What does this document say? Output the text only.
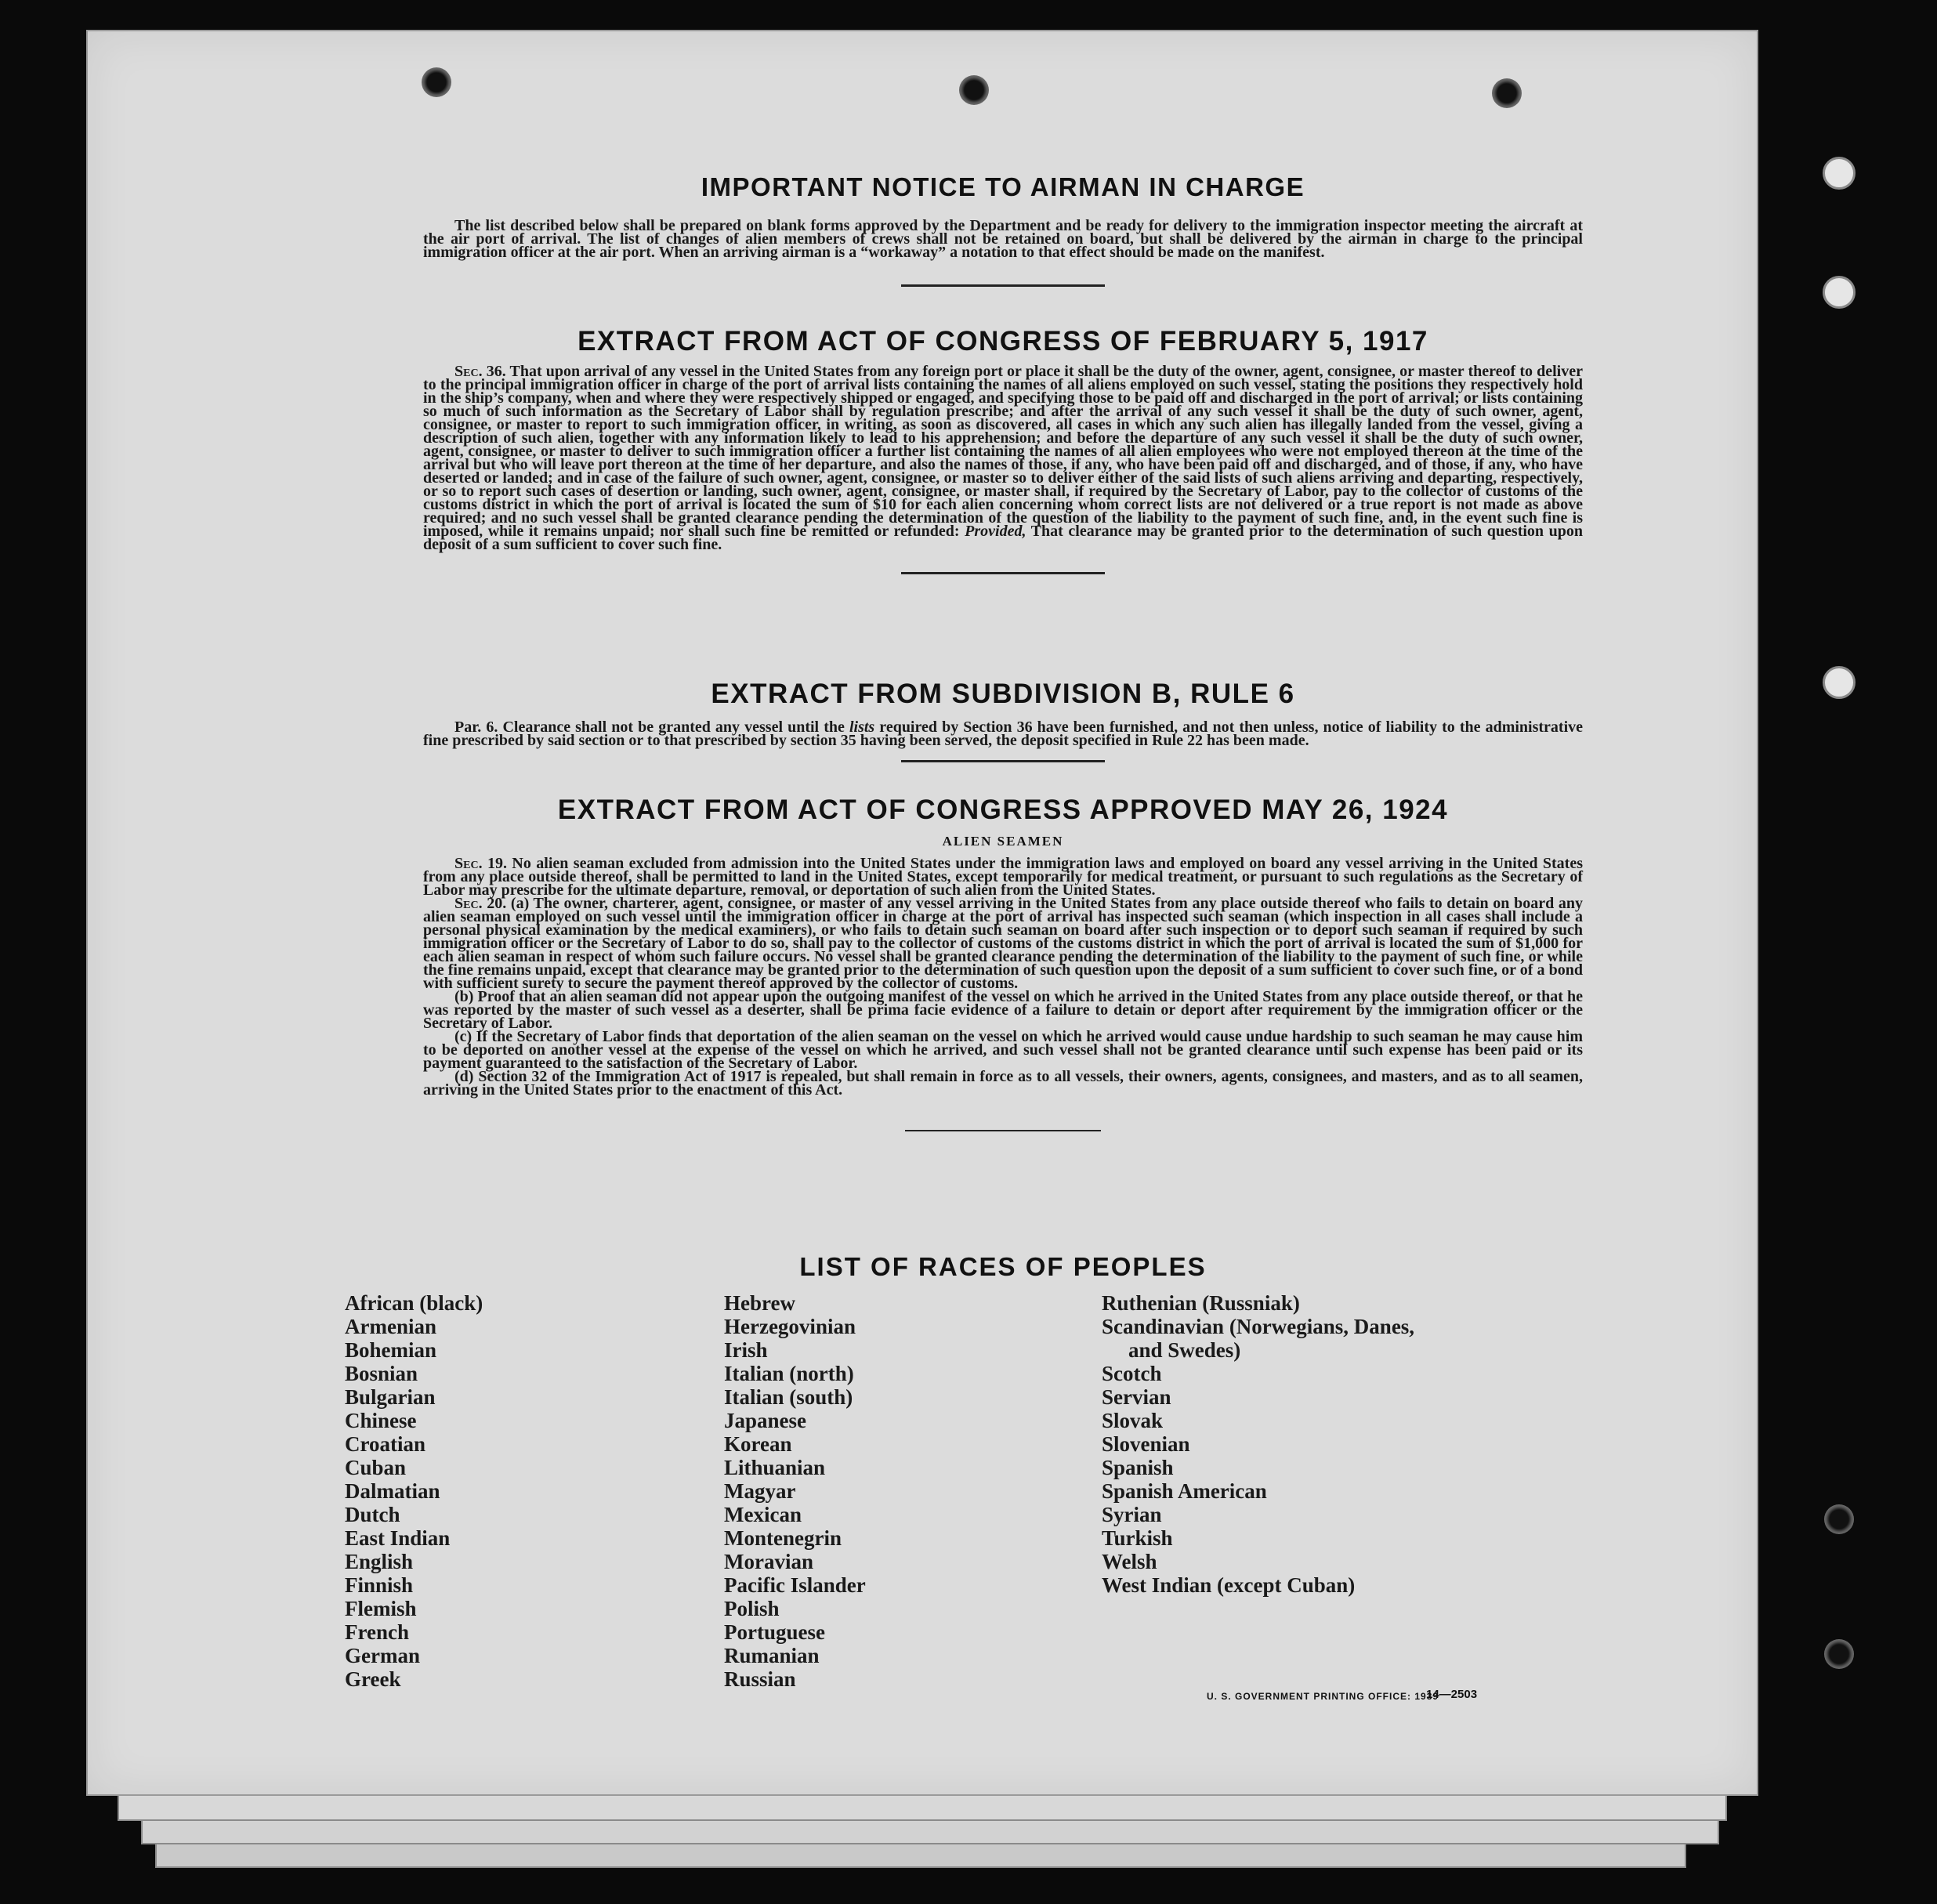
IMPORTANT NOTICE TO AIRMAN IN CHARGE

The list described below shall be prepared on blank forms approved by the Department and be ready for delivery to the immigration inspector meeting the aircraft at the air port of arrival. The list of changes of alien members of crews shall not be retained on board, but shall be delivered by the airman in charge to the principal immigration officer at the air port. When an arriving airman is a “workaway” a notation to that effect should be made on the manifest.

EXTRACT FROM ACT OF CONGRESS OF FEBRUARY 5, 1917

Sec. 36. That upon arrival of any vessel in the United States from any foreign port or place it shall be the duty of the owner, agent, consignee, or master thereof to deliver to the principal immigration officer in charge of the port of arrival lists containing the names of all aliens employed on such vessel, stating the positions they respectively hold in the ship’s company, when and where they were respectively shipped or engaged, and specifying those to be paid off and discharged in the port of arrival; or lists containing so much of such information as the Secretary of Labor shall by regulation prescribe; and after the arrival of any such vessel it shall be the duty of such owner, agent, consignee, or master to report to such immigration officer, in writing, as soon as discovered, all cases in which any such alien has illegally landed from the vessel, giving a description of such alien, together with any information likely to lead to his apprehension; and before the departure of any such vessel it shall be the duty of such owner, agent, consignee, or master to deliver to such immigration officer a further list containing the names of all alien employees who were not employed thereon at the time of the arrival but who will leave port thereon at the time of her departure, and also the names of those, if any, who have been paid off and discharged, and of those, if any, who have deserted or landed; and in case of the failure of such owner, agent, consignee, or master so to deliver either of the said lists of such aliens arriving and departing, respectively, or so to report such cases of desertion or landing, such owner, agent, consignee, or master shall, if required by the Secretary of Labor, pay to the collector of customs of the customs district in which the port of arrival is located the sum of $10 for each alien concerning whom correct lists are not delivered or a true report is not made as above required; and no such vessel shall be granted clearance pending the determination of the question of the liability to the payment of such fine, and, in the event such fine is imposed, while it remains unpaid; nor shall such fine be remitted or refunded: Provided, That clearance may be granted prior to the determination of such question upon deposit of a sum sufficient to cover such fine.

EXTRACT FROM SUBDIVISION B, RULE 6

Par. 6. Clearance shall not be granted any vessel until the lists required by Section 36 have been furnished, and not then unless, notice of liability to the administrative fine prescribed by said section or to that prescribed by section 35 having been served, the deposit specified in Rule 22 has been made.

EXTRACT FROM ACT OF CONGRESS APPROVED MAY 26, 1924

ALIEN SEAMEN

Sec. 19. No alien seaman excluded from admission into the United States under the immigration laws and employed on board any vessel arriving in the United States from any place outside thereof, shall be permitted to land in the United States, except temporarily for medical treatment, or pursuant to such regulations as the Secretary of Labor may prescribe for the ultimate departure, removal, or deportation of such alien from the United States.

Sec. 20. (a) The owner, charterer, agent, consignee, or master of any vessel arriving in the United States from any place outside thereof who fails to detain on board any alien seaman employed on such vessel until the immigration officer in charge at the port of arrival has inspected such seaman (which inspection in all cases shall include a personal physical examination by the medical examiners), or who fails to detain such seaman on board after such inspection or to deport such seaman if required by such immigration officer or the Secretary of Labor to do so, shall pay to the collector of customs of the customs district in which the port of arrival is located the sum of $1,000 for each alien seaman in respect of whom such failure occurs. No vessel shall be granted clearance pending the determination of the liability to the payment of such fine, or while the fine remains unpaid, except that clearance may be granted prior to the determination of such question upon the deposit of a sum sufficient to cover such fine, or of a bond with sufficient surety to secure the payment thereof approved by the collector of customs.

(b) Proof that an alien seaman did not appear upon the outgoing manifest of the vessel on which he arrived in the United States from any place outside thereof, or that he was reported by the master of such vessel as a deserter, shall be prima facie evidence of a failure to detain or deport after requirement by the immigration officer or the Secretary of Labor.

(c) If the Secretary of Labor finds that deportation of the alien seaman on the vessel on which he arrived would cause undue hardship to such seaman he may cause him to be deported on another vessel at the expense of the vessel on which he arrived, and such vessel shall not be granted clearance until such expense has been paid or its payment guaranteed to the satisfaction of the Secretary of Labor.

(d) Section 32 of the Immigration Act of 1917 is repealed, but shall remain in force as to all vessels, their owners, agents, consignees, and masters, and as to all seamen, arriving in the United States prior to the enactment of this Act.

LIST OF RACES OF PEOPLES
African (black)
Armenian
Bohemian
Bosnian
Bulgarian
Chinese
Croatian
Cuban
Dalmatian
Dutch
East Indian
English
Finnish
Flemish
French
German
Greek
Hebrew
Herzegovinian
Irish
Italian (north)
Italian (south)
Japanese
Korean
Lithuanian
Magyar
Mexican
Montenegrin
Moravian
Pacific Islander
Polish
Portuguese
Rumanian
Russian
Ruthenian (Russniak)
Scandinavian (Norwegians, Danes,
and Swedes)
Scotch
Servian
Slovak
Slovenian
Spanish
Spanish American
Syrian
Turkish
Welsh
West Indian (except Cuban)
U. S. GOVERNMENT PRINTING OFFICE: 1939
14—2503
